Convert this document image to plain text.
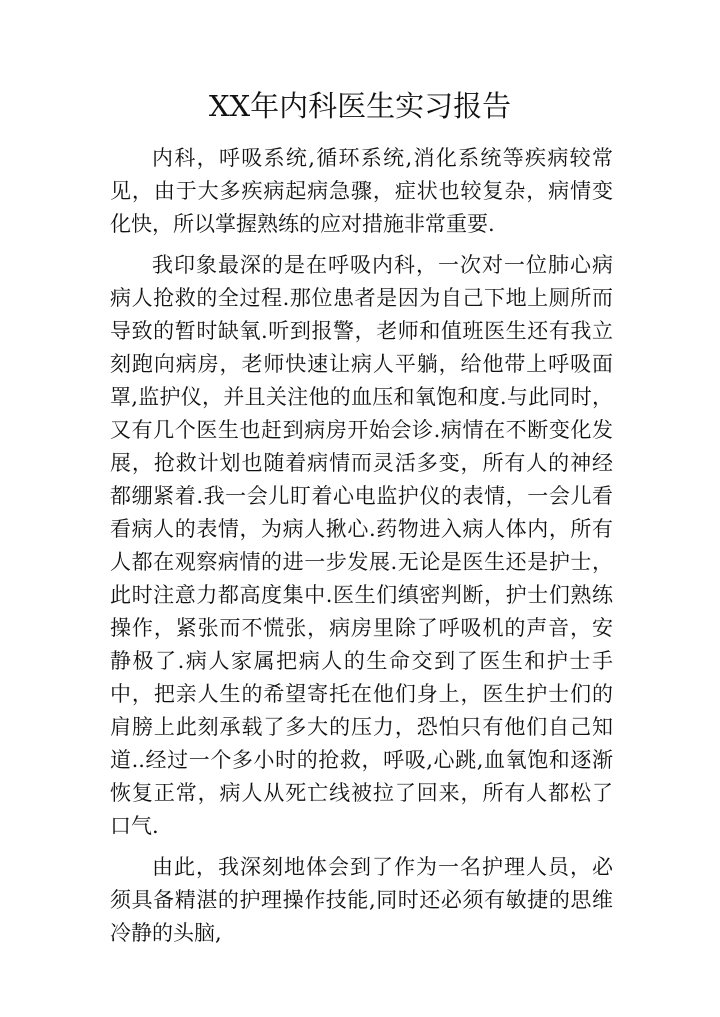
XX年内科医生实习报告

内科，呼吸系统,循环系统,消化系统等疾病较常见，由于大多疾病起病急骤，症状也较复杂，病情变化快，所以掌握熟练的应对措施非常重要.

我印象最深的是在呼吸内科，一次对一位肺心病病人抢救的全过程.那位患者是因为自己下地上厕所而导致的暂时缺氧.听到报警，老师和值班医生还有我立刻跑向病房，老师快速让病人平躺，给他带上呼吸面罩,监护仪，并且关注他的血压和氧饱和度.与此同时，又有几个医生也赶到病房开始会诊.病情在不断变化发展，抢救计划也随着病情而灵活多变，所有人的神经都绷紧着.我一会儿盯着心电监护仪的表情，一会儿看看病人的表情，为病人揪心.药物进入病人体内，所有人都在观察病情的进一步发展.无论是医生还是护士，此时注意力都高度集中.医生们缜密判断，护士们熟练操作，紧张而不慌张，病房里除了呼吸机的声音，安静极了.病人家属把病人的生命交到了医生和护士手中，把亲人生的希望寄托在他们身上，医生护士们的肩膀上此刻承载了多大的压力，恐怕只有他们自己知道..经过一个多小时的抢救，呼吸,心跳,血氧饱和逐渐恢复正常，病人从死亡线被拉了回来，所有人都松了口气.

由此，我深刻地体会到了作为一名护理人员，必须具备精湛的护理操作技能,同时还必须有敏捷的思维冷静的头脑,
